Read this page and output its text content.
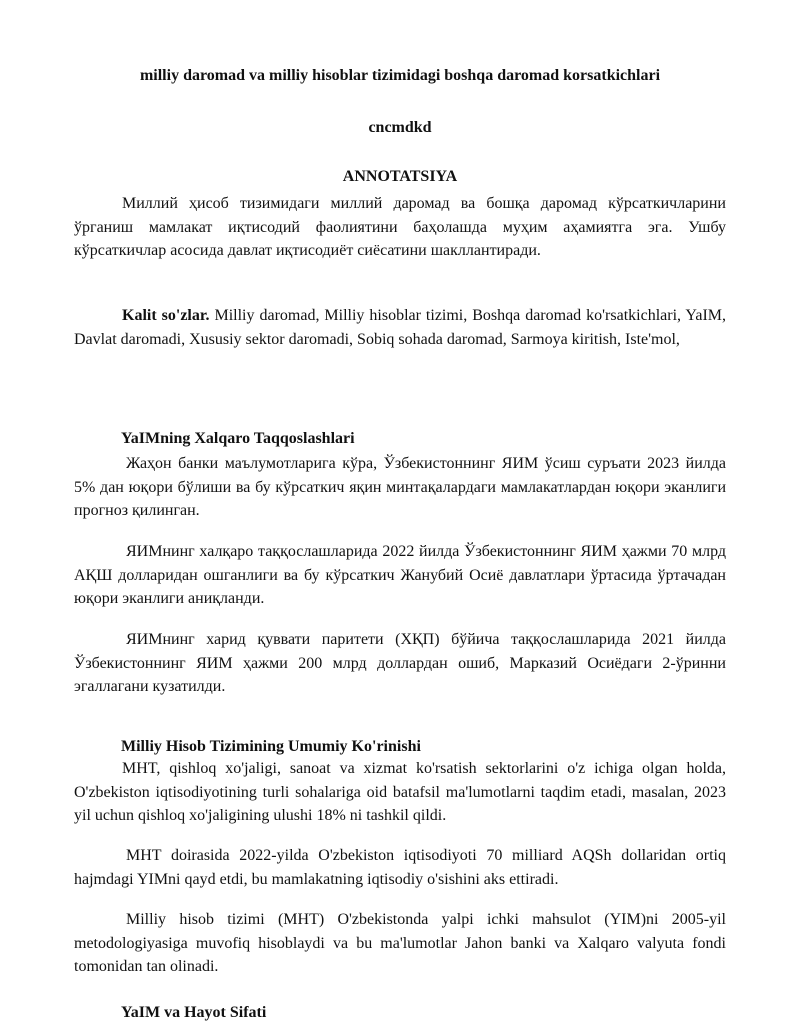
milliy daromad va milliy hisoblar tizimidagi boshqa daromad korsatkichlari

cncmdkd

ANNOTATSIYA

Миллий ҳисоб тизимидаги миллий даромад ва бошқа даромад кўрсаткичларини ўрганиш мамлакат иқтисодий фаолиятини баҳолашда муҳим аҳамиятга эга. Ушбу кўрсаткичлар асосида давлат иқтисодиёт сиёсатини шакллантиради.

Kalit so'zlar. Milliy daromad, Milliy hisoblar tizimi, Boshqa daromad ko'rsatkichlari, YaIM, Davlat daromadi, Xususiy sektor daromadi, Sobiq sohada daromad, Sarmoya kiritish, Iste'mol,

YaIMning Xalqaro Taqqoslashlari

Жаҳон банки маълумотларига кўра, Ўзбекистоннинг ЯИМ ўсиш суръати 2023 йилда 5% дан юқори бўлиши ва бу кўрсаткич яқин минтақалардаги мамлакатлардан юқори эканлиги прогноз қилинган.

ЯИМнинг халқаро таққослашларида 2022 йилда Ўзбекистоннинг ЯИМ ҳажми 70 млрд АҚШ долларидан ошганлиги ва бу кўрсаткич Жанубий Осиё давлатлари ўртасида ўртачадан юқори эканлиги аниқланди.

ЯИМнинг харид қуввати паритети (ХҚП) бўйича таққослашларида 2021 йилда Ўзбекистоннинг ЯИМ ҳажми 200 млрд доллардан ошиб, Марказий Осиёдаги 2-ўринни эгаллагани кузатилди.

Milliy Hisob Tizimining Umumiy Ko'rinishi

MHT, qishloq xo'jaligi, sanoat va xizmat ko'rsatish sektorlarini o'z ichiga olgan holda, O'zbekiston iqtisodiyotining turli sohalariga oid batafsil ma'lumotlarni taqdim etadi, masalan, 2023 yil uchun qishloq xo'jaligining ulushi 18% ni tashkil qildi.

MHT doirasida 2022-yilda O'zbekiston iqtisodiyoti 70 milliard AQSh dollaridan ortiq hajmdagi YIMni qayd etdi, bu mamlakatning iqtisodiy o'sishini aks ettiradi.

Milliy hisob tizimi (MHT) O'zbekistonda yalpi ichki mahsulot (YIM)ni 2005-yil metodologiyasiga muvofiq hisoblaydi va bu ma'lumotlar Jahon banki va Xalqaro valyuta fondi tomonidan tan olinadi.

YaIM va Hayot Sifati
